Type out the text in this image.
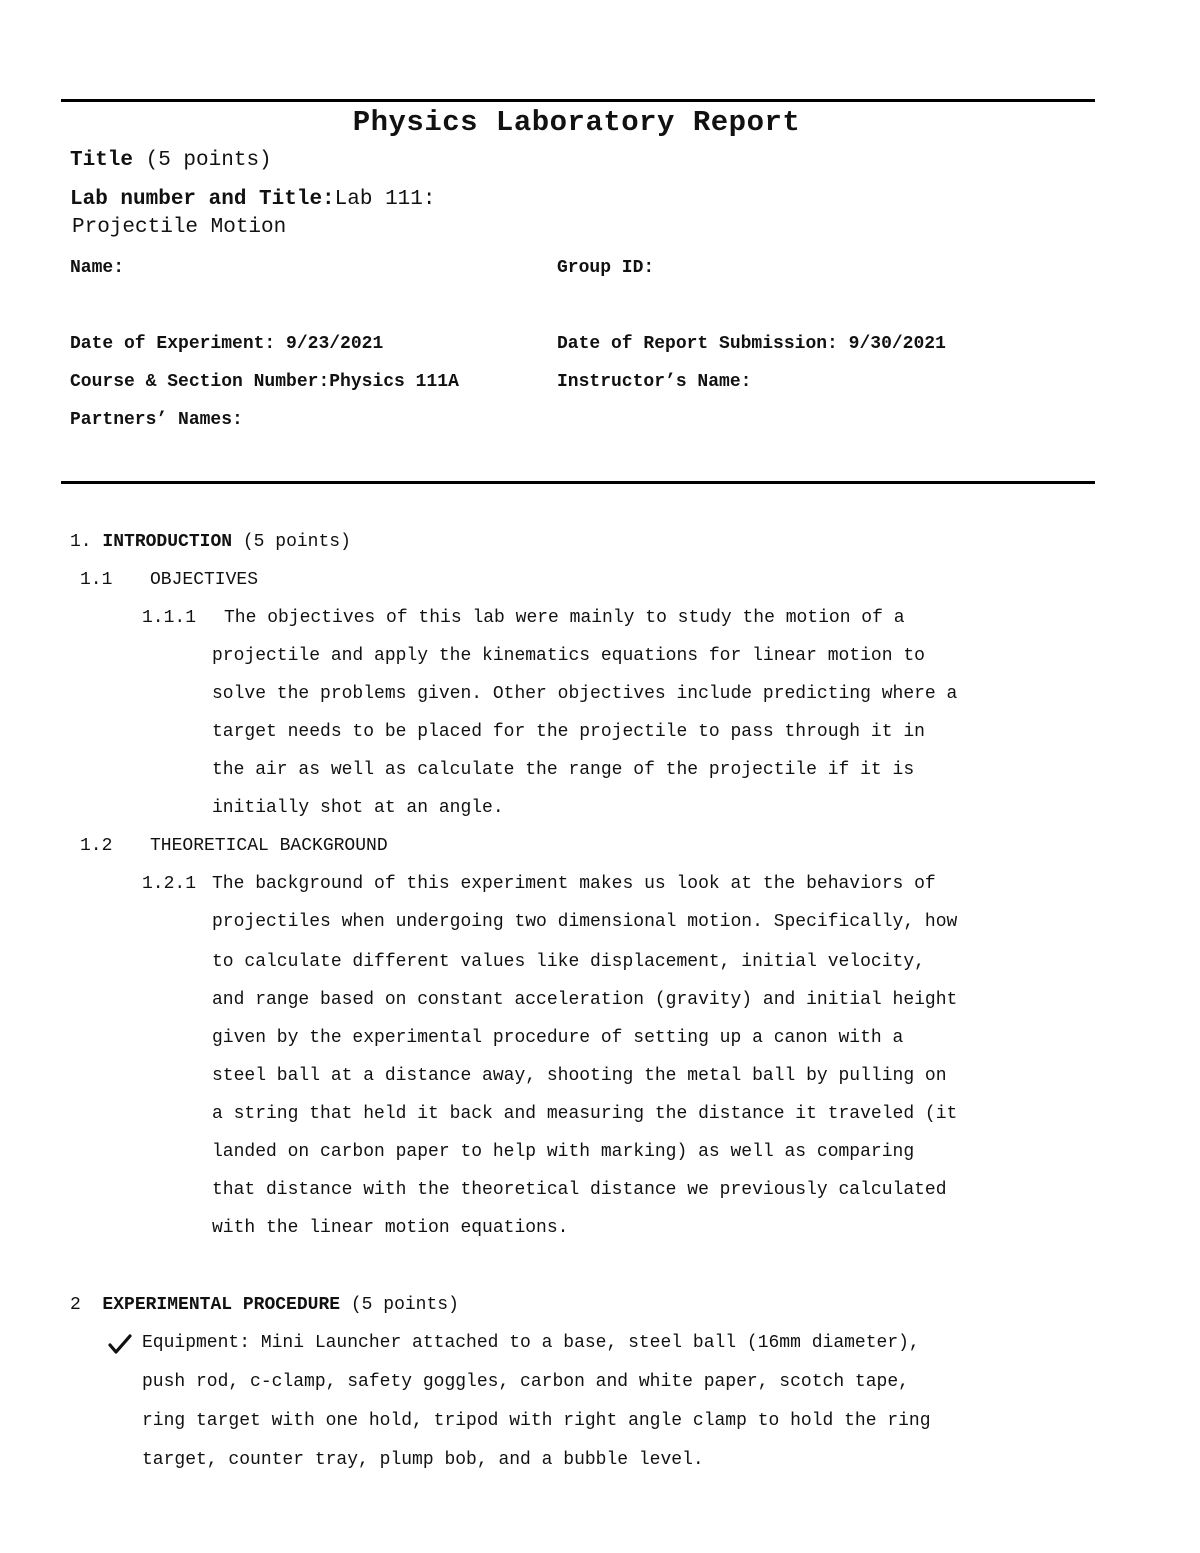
Physics Laboratory Report
Title (5 points)
Lab number and Title:Lab 111:
Projectile Motion
Name:	Group ID:
Date of Experiment: 9/23/2021	Date of Report Submission: 9/30/2021
Course & Section Number:Physics 111A	Instructor’s Name:
Partners’ Names:
1. INTRODUCTION (5 points)
1.1 OBJECTIVES
1.1.1 The objectives of this lab were mainly to study the motion of a
projectile and apply the kinematics equations for linear motion to
solve the problems given. Other objectives include predicting where a
target needs to be placed for the projectile to pass through it in
the air as well as calculate the range of the projectile if it is
initially shot at an angle.
1.2 THEORETICAL BACKGROUND
1.2.1 The background of this experiment makes us look at the behaviors of
projectiles when undergoing two dimensional motion. Specifically, how
to calculate different values like displacement, initial velocity,
and range based on constant acceleration (gravity) and initial height
given by the experimental procedure of setting up a canon with a
steel ball at a distance away, shooting the metal ball by pulling on
a string that held it back and measuring the distance it traveled (it
landed on carbon paper to help with marking) as well as comparing
that distance with the theoretical distance we previously calculated
with the linear motion equations.
2 EXPERIMENTAL PROCEDURE (5 points)
Equipment: Mini Launcher attached to a base, steel ball (16mm diameter),
push rod, c-clamp, safety goggles, carbon and white paper, scotch tape,
ring target with one hold, tripod with right angle clamp to hold the ring
target, counter tray, plump bob, and a bubble level.
